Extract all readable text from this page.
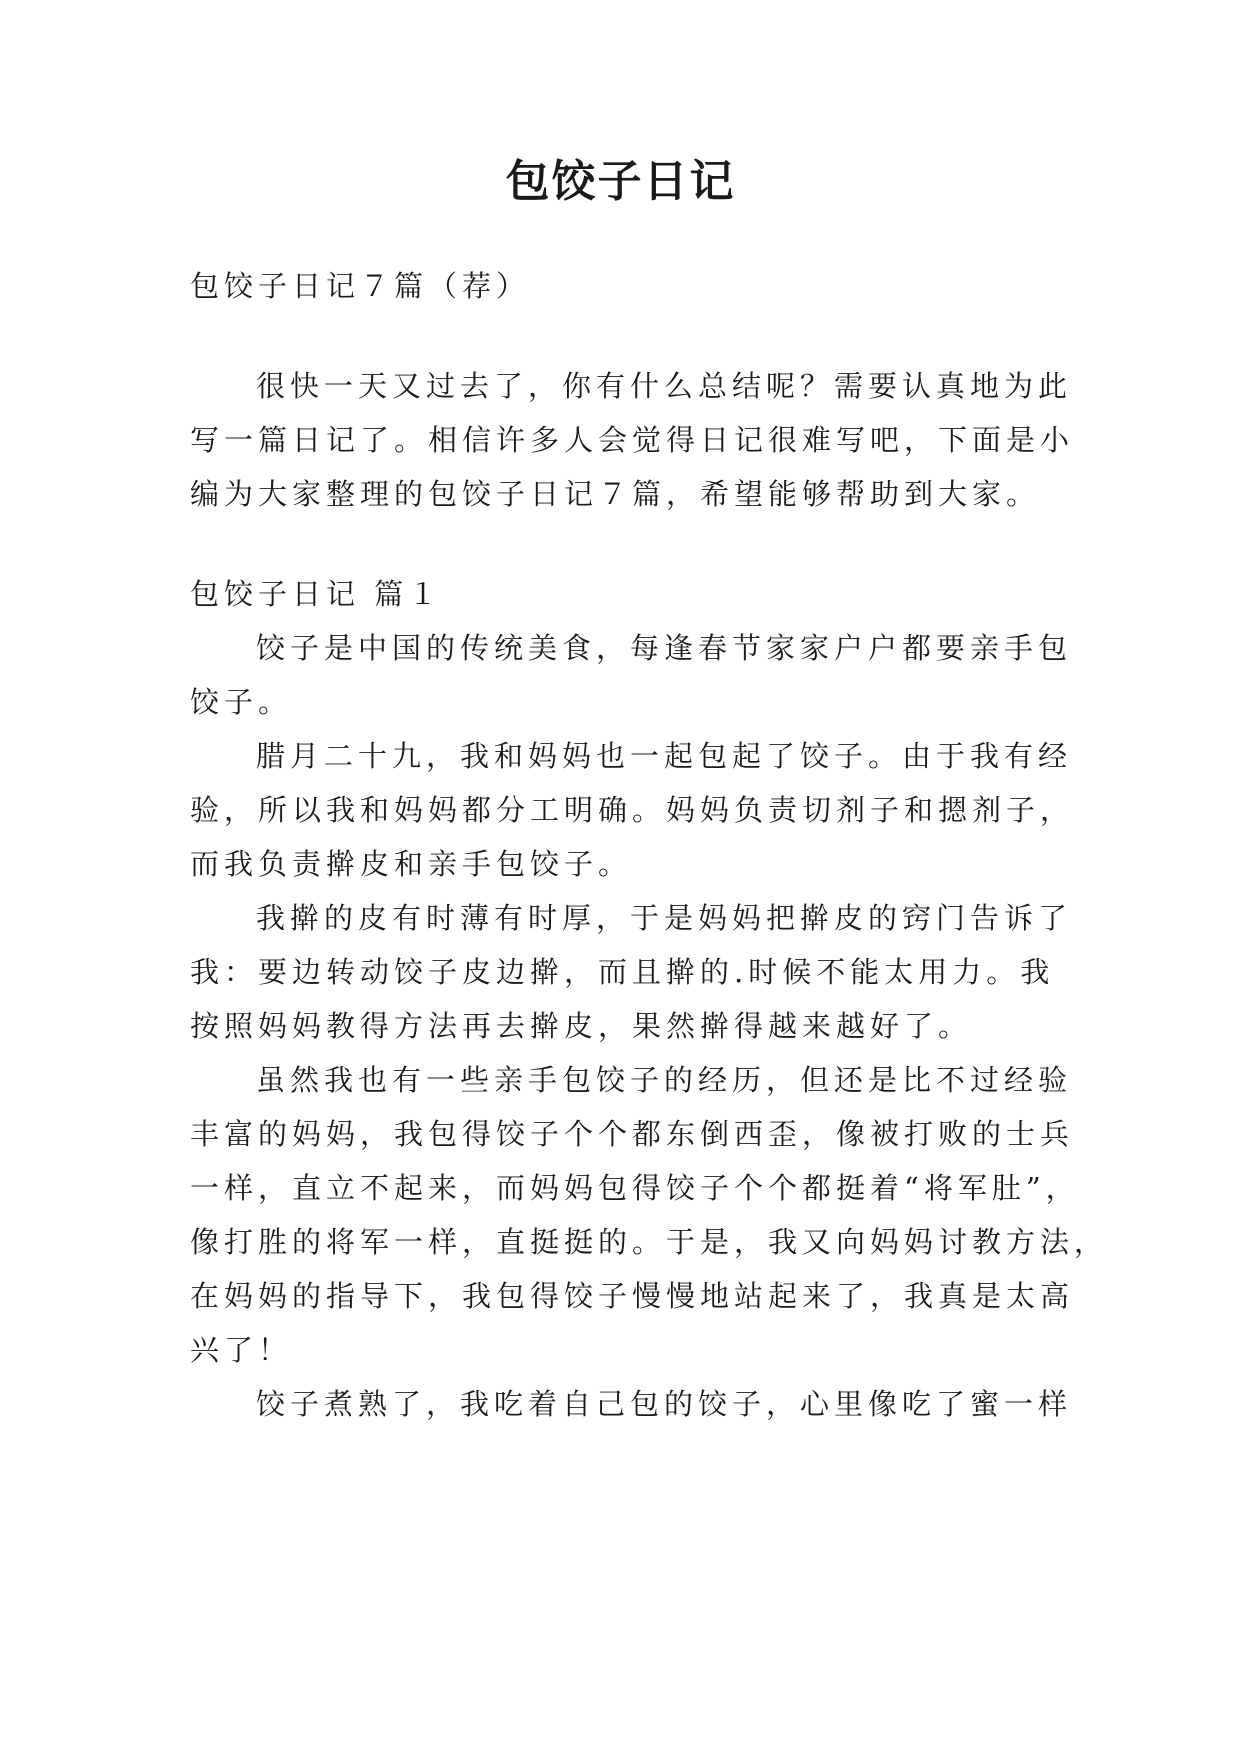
包饺子日记
包饺子日记７篇（荐）
很快一天又过去了，你有什么总结呢？需要认真地为此
写一篇日记了。相信许多人会觉得日记很难写吧，下面是小
编为大家整理的包饺子日记７篇，希望能够帮助到大家。
包饺子日记 篇１
饺子是中国的传统美食，每逢春节家家户户都要亲手包
饺子。
腊月二十九，我和妈妈也一起包起了饺子。由于我有经
验，所以我和妈妈都分工明确。妈妈负责切剂子和摁剂子，
而我负责擀皮和亲手包饺子。
我擀的皮有时薄有时厚，于是妈妈把擀皮的窍门告诉了
我：要边转动饺子皮边擀，而且擀的.时候不能太用力。我
按照妈妈教得方法再去擀皮，果然擀得越来越好了。
虽然我也有一些亲手包饺子的经历，但还是比不过经验
丰富的妈妈，我包得饺子个个都东倒西歪，像被打败的士兵
一样，直立不起来，而妈妈包得饺子个个都挺着“将军肚”，
像打胜的将军一样，直挺挺的。于是，我又向妈妈讨教方法，
在妈妈的指导下，我包得饺子慢慢地站起来了，我真是太高
兴了！
饺子煮熟了，我吃着自己包的饺子，心里像吃了蜜一样
